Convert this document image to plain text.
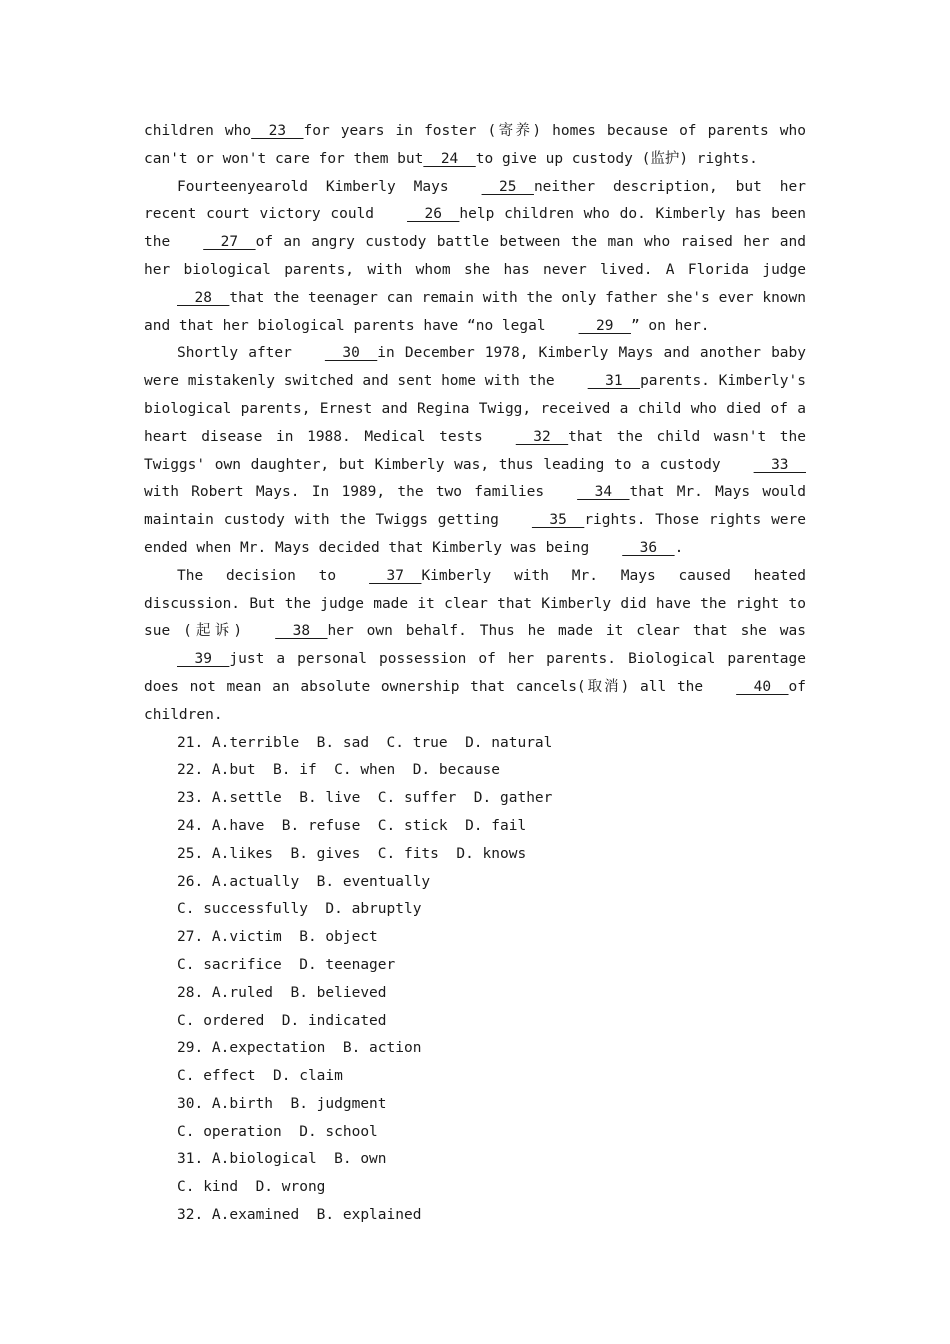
children who  23  for years in foster (寄养) homes because of parents who can't or won't care for them but  24  to give up custody (监护) rights.

Fourteenyearold Kimberly Mays  25  neither description, but her recent court victory could  26  help children who do. Kimberly has been the  27  of an angry custody battle between the man who raised her and her biological parents, with whom she has never lived. A Florida judge  28  that the teenager can remain with the only father she's ever known and that her biological parents have “no legal  29  ” on her.

Shortly after  30  in December 1978, Kimberly Mays and another baby were mistakenly switched and sent home with the  31  parents. Kimberly's biological parents, Ernest and Regina Twigg, received a child who died of a heart disease in 1988. Medical tests  32  that the child wasn't the Twiggs' own daughter, but Kimberly was, thus leading to a custody  33  with Robert Mays. In 1989, the two families  34  that Mr. Mays would maintain custody with the Twiggs getting  35  rights. Those rights were ended when Mr. Mays decided that Kimberly was being  36  .

The decision to  37  Kimberly with Mr. Mays caused heated discussion. But the judge made it clear that Kimberly did have the right to sue (起诉)  38  her own behalf. Thus he made it clear that she was  39  just a personal possession of her parents. Biological parentage does not mean an absolute ownership that cancels(取消) all the  40  of children.

21. A.terrible  B. sad  C. true  D. natural
22. A.but  B. if  C. when  D. because
23. A.settle  B. live  C. suffer  D. gather
24. A.have  B. refuse  C. stick  D. fail
25. A.likes  B. gives  C. fits  D. knows
26. A.actually  B. eventually
C. successfully  D. abruptly
27. A.victim  B. object
C. sacrifice  D. teenager
28. A.ruled  B. believed
C. ordered  D. indicated
29. A.expectation  B. action
C. effect  D. claim
30. A.birth  B. judgment
C. operation  D. school
31. A.biological  B. own
C. kind  D. wrong
32. A.examined  B. explained
